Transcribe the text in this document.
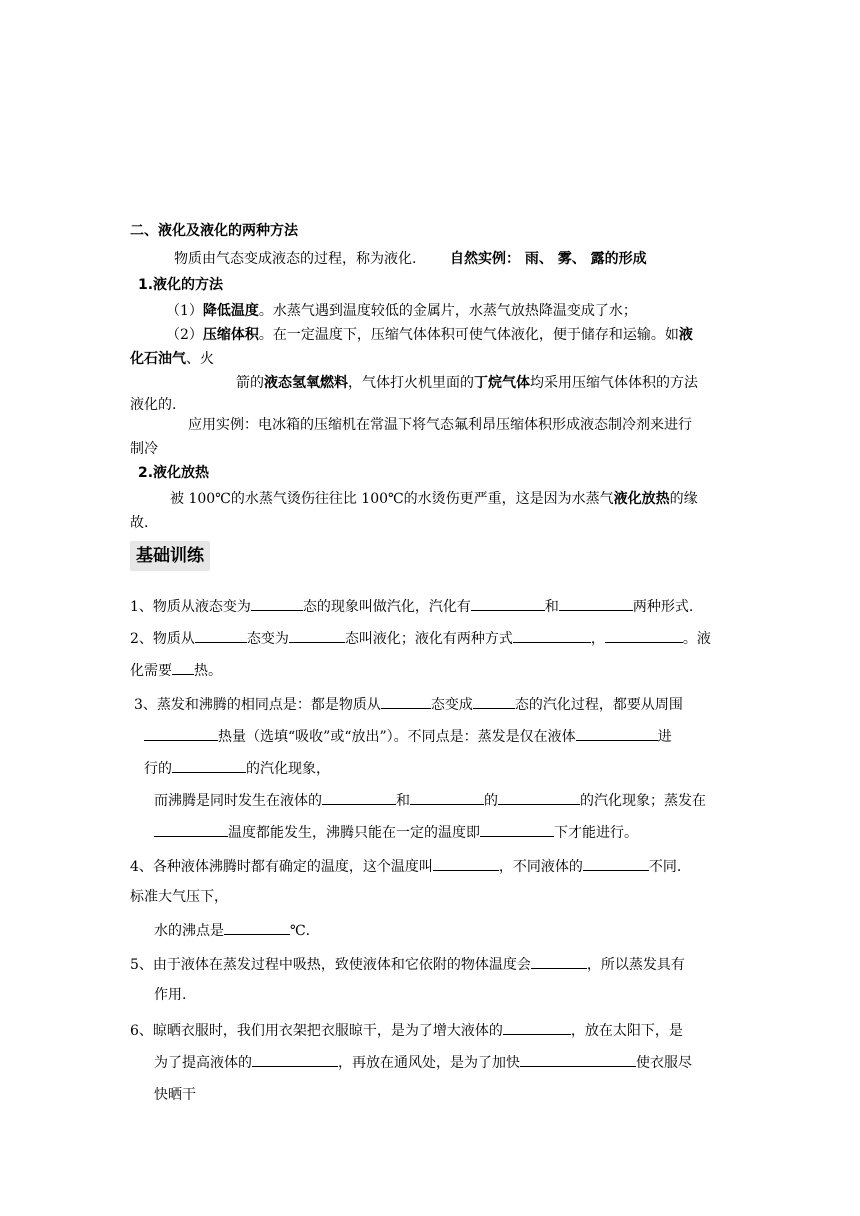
二、液化及液化的两种方法
物质由气态变成液态的过程，称为液化. 自然实例： 雨、 雾、 露的形成
1.液化的方法
（1）降低温度。水蒸气遇到温度较低的金属片，水蒸气放热降温变成了水；
（2）压缩体积。在一定温度下，压缩气体体积可使气体液化，便于储存和运输。如液
化石油气、火
箭的液态氢氧燃料，气体打火机里面的丁烷气体均采用压缩气体体积的方法
液化的.
应用实例：电冰箱的压缩机在常温下将气态氟利昂压缩体积形成液态制冷剂来进行
制冷
2.液化放热
被 100℃的水蒸气烫伤往往比 100℃的水烫伤更严重，这是因为水蒸气液化放热的缘
故.
基础训练
1、物质从液态变为	态的现象叫做汽化，汽化有	和	两种形式.
2、物质从	态变为	态叫液化；液化有两种方式	，	。液
化需要 热。
3、蒸发和沸腾的相同点是：都是物质从	态变成	态的汽化过程，都要从周围
热量（选填“吸收”或“放出”）。不同点是：蒸发是仅在液体	进
行的	的汽化现象，
而沸腾是同时发生在液体的	和	的	的汽化现象；蒸发在
温度都能发生，沸腾只能在一定的温度即	下才能进行。
4、各种液体沸腾时都有确定的温度，这个温度叫	，不同液体的	不同.
标准大气压下，
水的沸点是	℃.
5、由于液体在蒸发过程中吸热，致使液体和它依附的物体温度会	，所以蒸发具有
作用.
6、晾晒衣服时，我们用衣架把衣服晾干，是为了增大液体的	，放在太阳下，是
为了提高液体的	，再放在通风处，是为了加快	使衣服尽
快晒干
